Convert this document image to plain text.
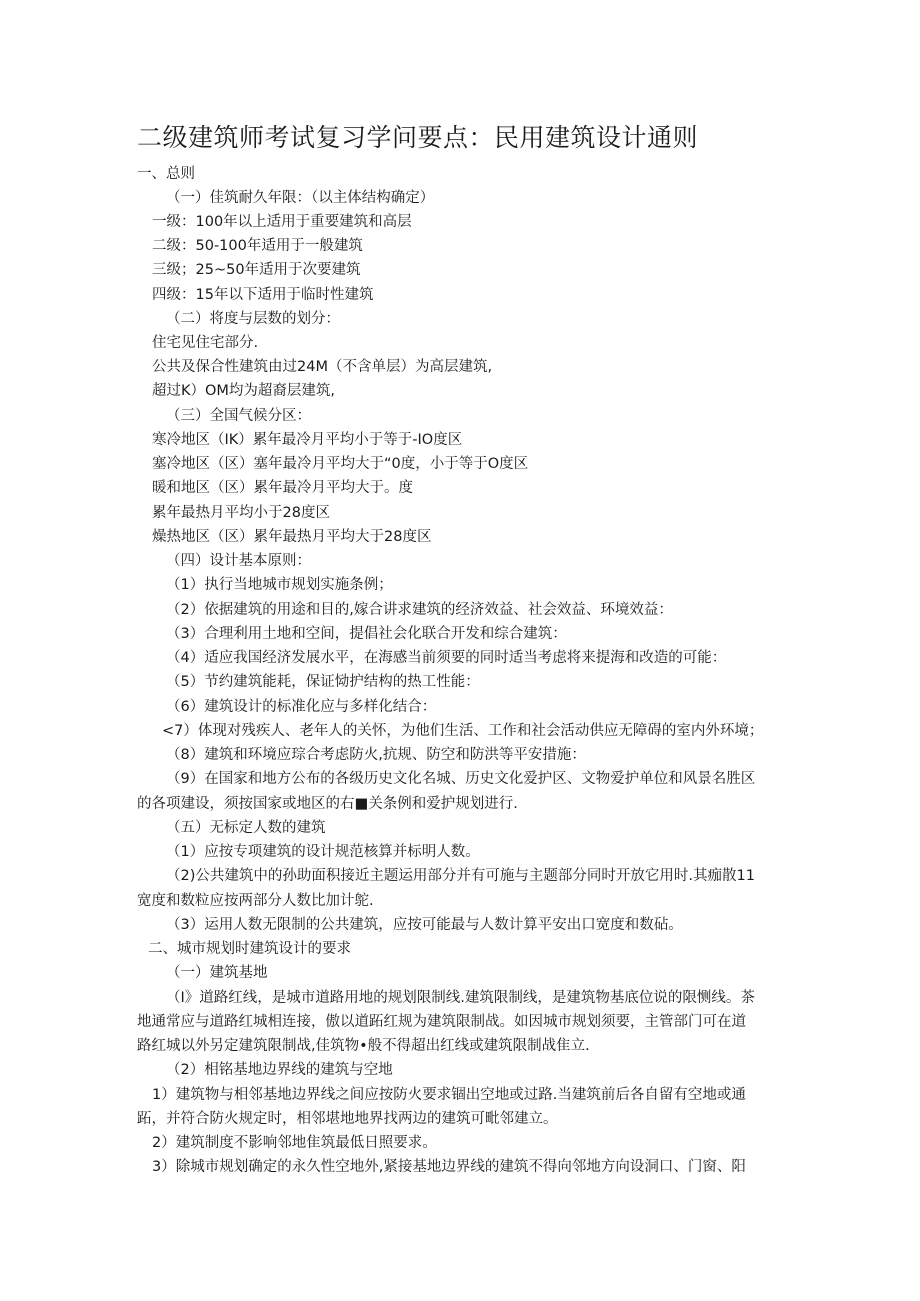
二级建筑师考试复习学问要点：民用建筑设计通则
一、总则
（一）佳筑耐久年限：（以主体结构确定）
一级：100年以上适用于重要建筑和高层
二级：50-100年适用于一般建筑
三级；25~50年适用于次要建筑
四级：15年以下适用于临时性建筑
（二）将度与层数的划分：
住宅见住宅部分.
公共及保合性建筑由过24M（不含单层）为高层建筑,
超过K）OM均为超裔层建筑,
（三）全国气候分区：
寒冷地区（IK）累年最冷月平均小于等于-IO度区
塞冷地区（区）塞年最冷月平均大于“0度，小于等于O度区
暖和地区（区）累年最冷月平均大于。度
累年最热月平均小于28度区
燥热地区（区）累年最热月平均大于28度区
（四）设计基本原则：
（1）执行当地城市规划实施条例；
（2）依据建筑的用途和目的,嫁合讲求建筑的经济效益、社会效益、环境效益：
（3）合理利用土地和空间，提倡社会化联合开发和综合建筑：
（4）适应我国经济发展水平，在海感当前须要的同时适当考虑将来提海和改造的可能：
（5）节约建筑能耗，保证恸护结构的热工性能：
（6）建筑设计的标准化应与多样化结合：
<7）体现对残疾人、老年人的关怀，为他们生活、工作和社会活动供应无障碍的室内外环境；
（8）建筑和环境应琮合考虑防火,抗规、防空和防洪等平安措施：
（9）在国家和地方公布的各级历史文化名城、历史文化爱护区、文物爱护单位和风景名胜区
的各项建设，须按国家或地区的右■关条例和爱护规划进行.
（五）无标定人数的建筑
（1）应按专项建筑的设计规范核算并标明人数。
（2)公共建筑中的孙助面积接近主题运用部分并有可施与主题部分同时开放它用时.其痂散11
宽度和数粒应按两部分人数比加计鸵.
（3）运用人数无限制的公共建筑，应按可能最与人数计算平安出口宽度和数砧。
二、城市规划时建筑设计的要求
（一）建筑基地
（I》道路红线，是城市道路用地的规划限制线.建筑限制线，是建筑物基底位说的限恻线。茶
地通常应与道路红城相连接，傲以道跖红规为建筑限制战。如因城市规划须要，主管部门可在道
路红城以外另定建筑限制战,佳筑物•般不得超出红线或建筑限制战隹立.
（2）相铭基地边界线的建筑与空地
1）建筑物与相邻基地边界线之间应按防火要求锢出空地或过路.当建筑前后各自留有空地或通
跖，并符合防火规定时，相邻堪地地界找两边的建筑可毗邻建立。
2）建筑制度不影响邻地隹筑最低日照要求。
3）除城市规划确定的永久性空地外,紧接基地边界线的建筑不得向邻地方向设洞口、门窗、阳
